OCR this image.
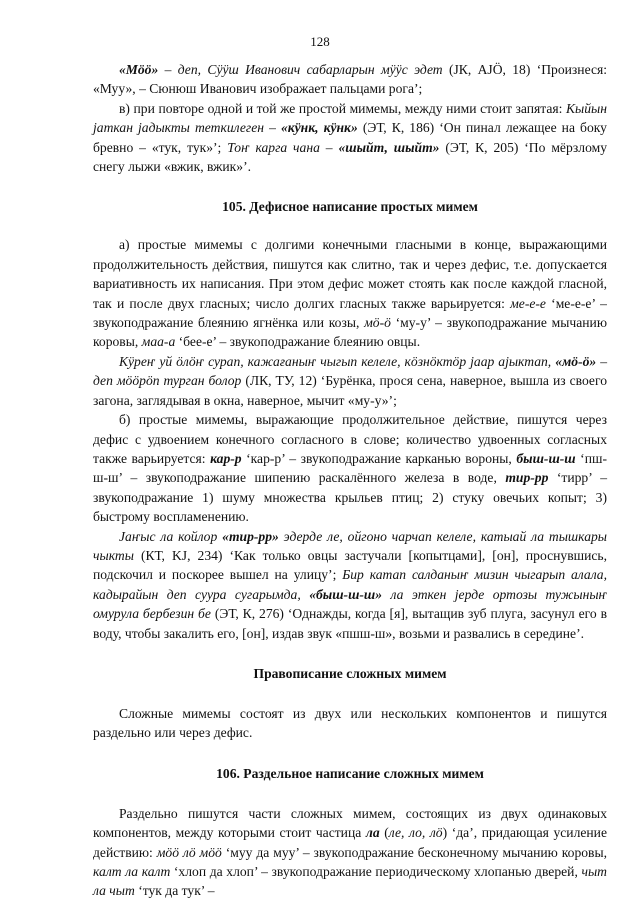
128

«Мӧӧ» – деп, Сӱӱш Иванович сабарларын мӱӱс эдет (JК, AJÖ, 18) ‘Произнеся: «Муу», – Сюнюш Иванович изображает пальцами рога’;

в) при повторе одной и той же простой мимемы, между ними стоит запятая: Кыйын jаткан jадыкты теткилеген – «кӱнк, кӱнк» (ЭТ, К, 186) ‘Он пинал лежащее на боку бревно – «тук, тук»’; Тоҥ карга чана – «шыйт, шыйт» (ЭТ, К, 205) ‘По мёрзлому снегу лыжи «вжик, вжик»’.

105. Дефисное написание простых мимем

а) простые мимемы с долгими конечными гласными в конце, выражающими продолжительность действия, пишутся как слитно, так и через дефис, т.е. допускается вариативность их написания. При этом дефис может стоять как после каждой гласной, так и после двух гласных; число долгих гласных также варьируется: ме-е-е ‘ме-е-е’ – звукоподражание блеянию ягнёнка или козы, мӧ-ӧ ‘му-у’ – звукоподражание мычанию коровы, маа-а ‘бее-е’ – звукоподражание блеянию овцы.

Кӱреҥ уй ӧлӧҥ сурап, кажағаныҥ чыгып келеле, кӧзнӧктӧр jаар аjыктап, «мӧ-ӧ» – деп мӧӧрӧп турган болор (ЛК, ТУ, 12) ‘Бурёнка, прося сена, наверное, вышла из своего загона, заглядывая в окна, наверное, мычит «му-у»’;

б) простые мимемы, выражающие продолжительное действие, пишутся через дефис с удвоением конечного согласного в слове; количество удвоенных согласных также варьируется: кар-р ‘кар-р’ – звукоподражание карканью вороны, быш-ш-ш ‘пш-ш-ш’ – звукоподражание шипению раскалённого железа в воде, тир-рр ‘тирр’ – звукоподражание 1) шуму множества крыльев птиц; 2) стуку овечьих копыт; 3) быстрому воспламенению.

Jаҥыс ла койлор «тир-рр» эдерде ле, ойгоно чарчап келеле, катыай ла тышкары чыкты (КТ, KJ, 234) ‘Как только овцы застучали [копытцами], [он], проснувшись, подскочил и поскорее вышел на улицу’; Бир катап салданыҥ мизин чыгарып алала, кадырайын деп суура сугарымда, «быш-ш-ш» ла эткен jерде ортозы тужыныҥ омурула бербезин бе (ЭТ, К, 276) ‘Однажды, когда [я], вытащив зуб плуга, засунул его в воду, чтобы закалить его, [он], издав звук «пшш-ш», возьми и развались в середине’.

Правописание сложных мимем

Сложные мимемы состоят из двух или нескольких компонентов и пишутся раздельно или через дефис.

106. Раздельное написание сложных мимем

Раздельно пишутся части сложных мимем, состоящих из двух одинаковых компонентов, между которыми стоит частица ла (ле, ло, лӧ) ‘да’, придающая усиление действию: мӧӧ лӧ мӧӧ ‘муу да муу’ – звукоподражание бесконечному мычанию коровы, калт ла калт ‘хлоп да хлоп’ – звукоподражание периодическому хлопанью дверей, чыт ла чыт ‘тук да тук’ –
